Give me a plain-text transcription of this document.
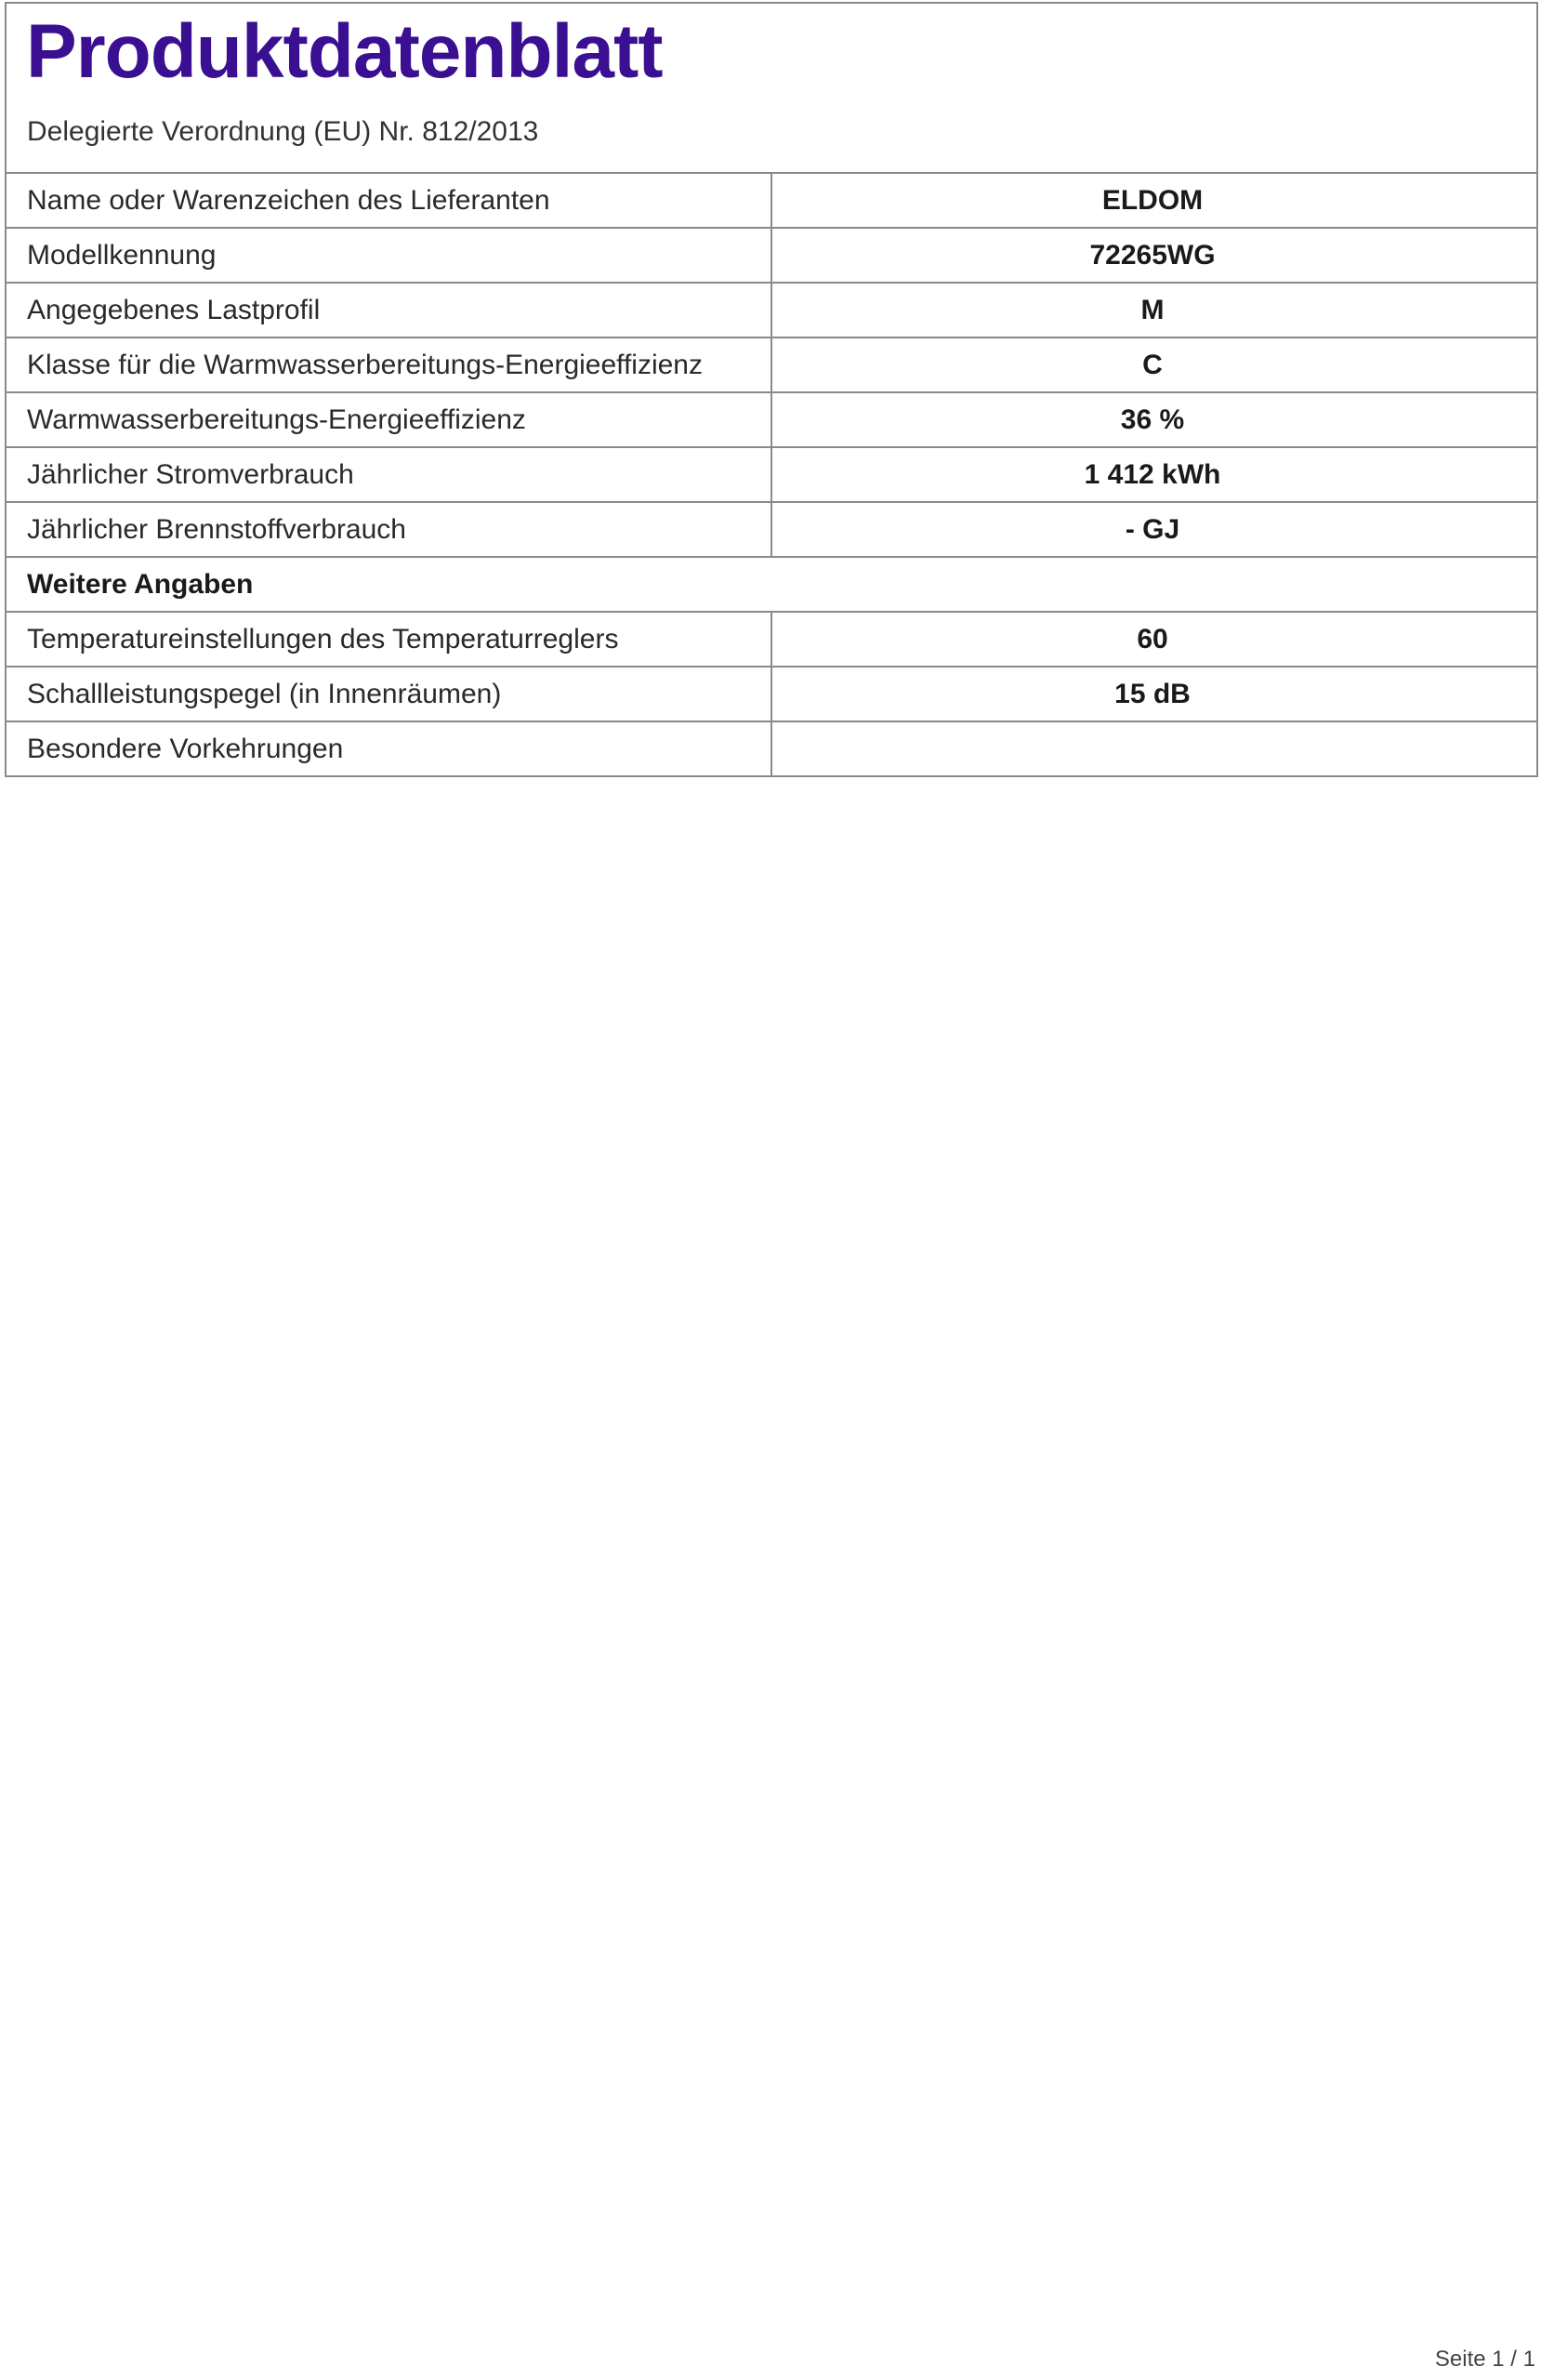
Produktdatenblatt
Delegierte Verordnung (EU) Nr. 812/2013
Name oder Warenzeichen des Lieferanten	ELDOM
Modellkennung	72265WG
Angegebenes Lastprofil	M
Klasse für die Warmwasserbereitungs-Energieeffizienz	C
Warmwasserbereitungs-Energieeffizienz	36 %
Jährlicher Stromverbrauch	1 412 kWh
Jährlicher Brennstoffverbrauch	- GJ
Weitere Angaben
Temperatureinstellungen des Temperaturreglers	60
Schallleistungspegel (in Innenräumen)	15 dB
Besondere Vorkehrungen
Seite 1 / 1
